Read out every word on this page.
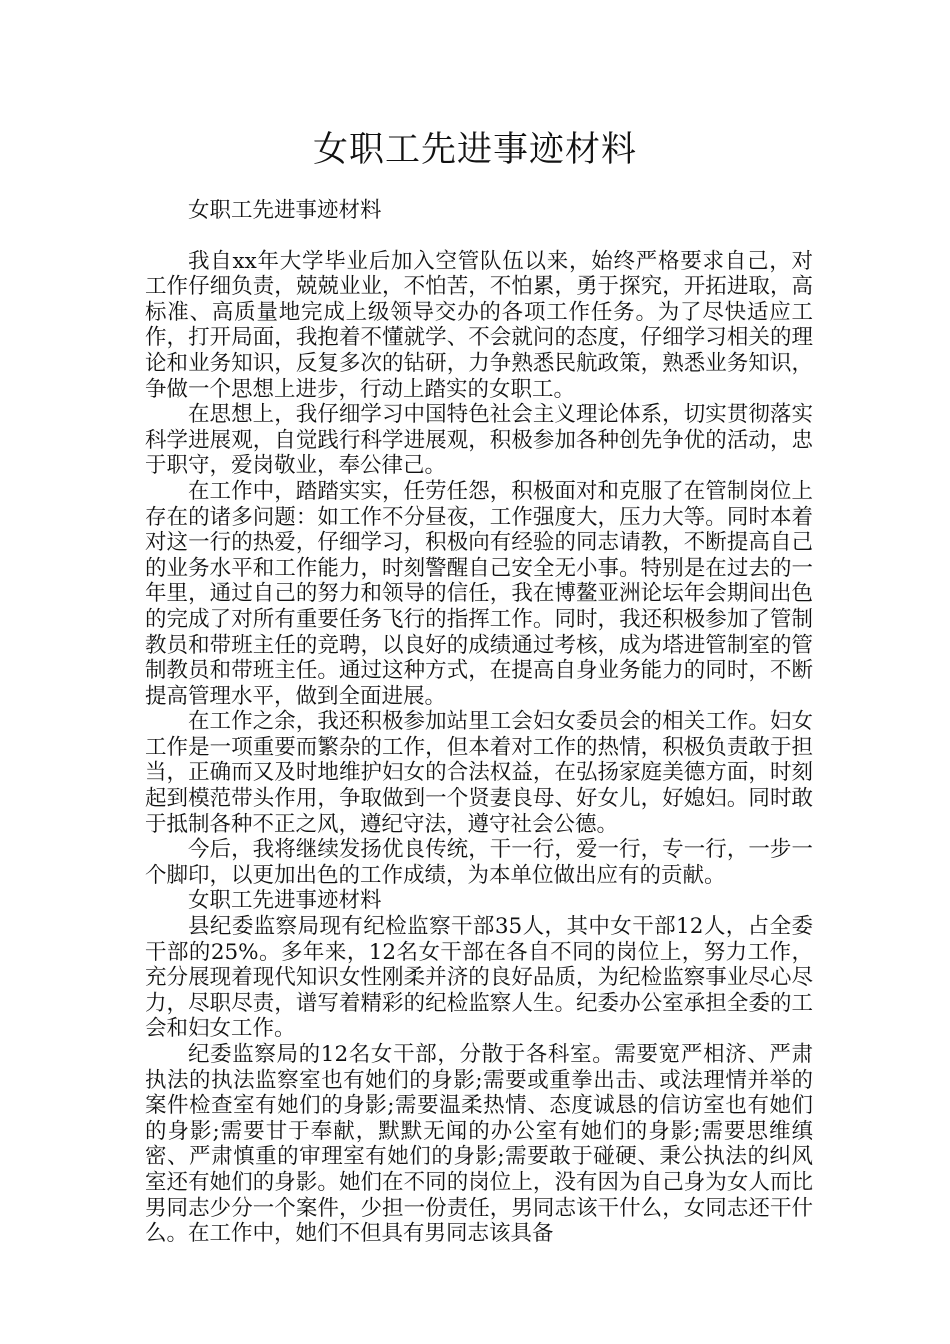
女职工先进事迹材料

女职工先进事迹材料

我自xx年大学毕业后加入空管队伍以来，始终严格要求自己，对工作仔细负责，兢兢业业，不怕苦，不怕累，勇于探究，开拓进取，高标准、高质量地完成上级领导交办的各项工作任务。为了尽快适应工作，打开局面，我抱着不懂就学、不会就问的态度，仔细学习相关的理论和业务知识，反复多次的钻研，力争熟悉民航政策，熟悉业务知识，争做一个思想上进步，行动上踏实的女职工。

在思想上，我仔细学习中国特色社会主义理论体系，切实贯彻落实科学进展观，自觉践行科学进展观，积极参加各种创先争优的活动，忠于职守，爱岗敬业，奉公律己。

在工作中，踏踏实实，任劳任怨，积极面对和克服了在管制岗位上存在的诸多问题：如工作不分昼夜，工作强度大，压力大等。同时本着对这一行的热爱，仔细学习，积极向有经验的同志请教，不断提高自己的业务水平和工作能力，时刻警醒自己安全无小事。特别是在过去的一年里，通过自己的努力和领导的信任，我在博鳌亚洲论坛年会期间出色的完成了对所有重要任务飞行的指挥工作。同时，我还积极参加了管制教员和带班主任的竞聘，以良好的成绩通过考核，成为塔进管制室的管制教员和带班主任。通过这种方式，在提高自身业务能力的同时，不断提高管理水平，做到全面进展。

在工作之余，我还积极参加站里工会妇女委员会的相关工作。妇女工作是一项重要而繁杂的工作，但本着对工作的热情，积极负责敢于担当，正确而又及时地维护妇女的合法权益，在弘扬家庭美德方面，时刻起到模范带头作用，争取做到一个贤妻良母、好女儿，好媳妇。同时敢于抵制各种不正之风，遵纪守法，遵守社会公德。

今后，我将继续发扬优良传统，干一行，爱一行，专一行，一步一个脚印，以更加出色的工作成绩，为本单位做出应有的贡献。

女职工先进事迹材料

县纪委监察局现有纪检监察干部35人，其中女干部12人，占全委干部的25%。多年来，12名女干部在各自不同的岗位上，努力工作，充分展现着现代知识女性刚柔并济的良好品质，为纪检监察事业尽心尽力，尽职尽责，谱写着精彩的纪检监察人生。纪委办公室承担全委的工会和妇女工作。

纪委监察局的12名女干部，分散于各科室。需要宽严相济、严肃执法的执法监察室也有她们的身影;需要或重拳出击、或法理情并举的案件检查室有她们的身影;需要温柔热情、态度诚恳的信访室也有她们的身影;需要甘于奉献，默默无闻的办公室有她们的身影;需要思维缜密、严肃慎重的审理室有她们的身影;需要敢于碰硬、秉公执法的纠风室还有她们的身影。她们在不同的岗位上，没有因为自己身为女人而比男同志少分一个案件，少担一份责任，男同志该干什么，女同志还干什么。在工作中，她们不但具有男同志该具备
